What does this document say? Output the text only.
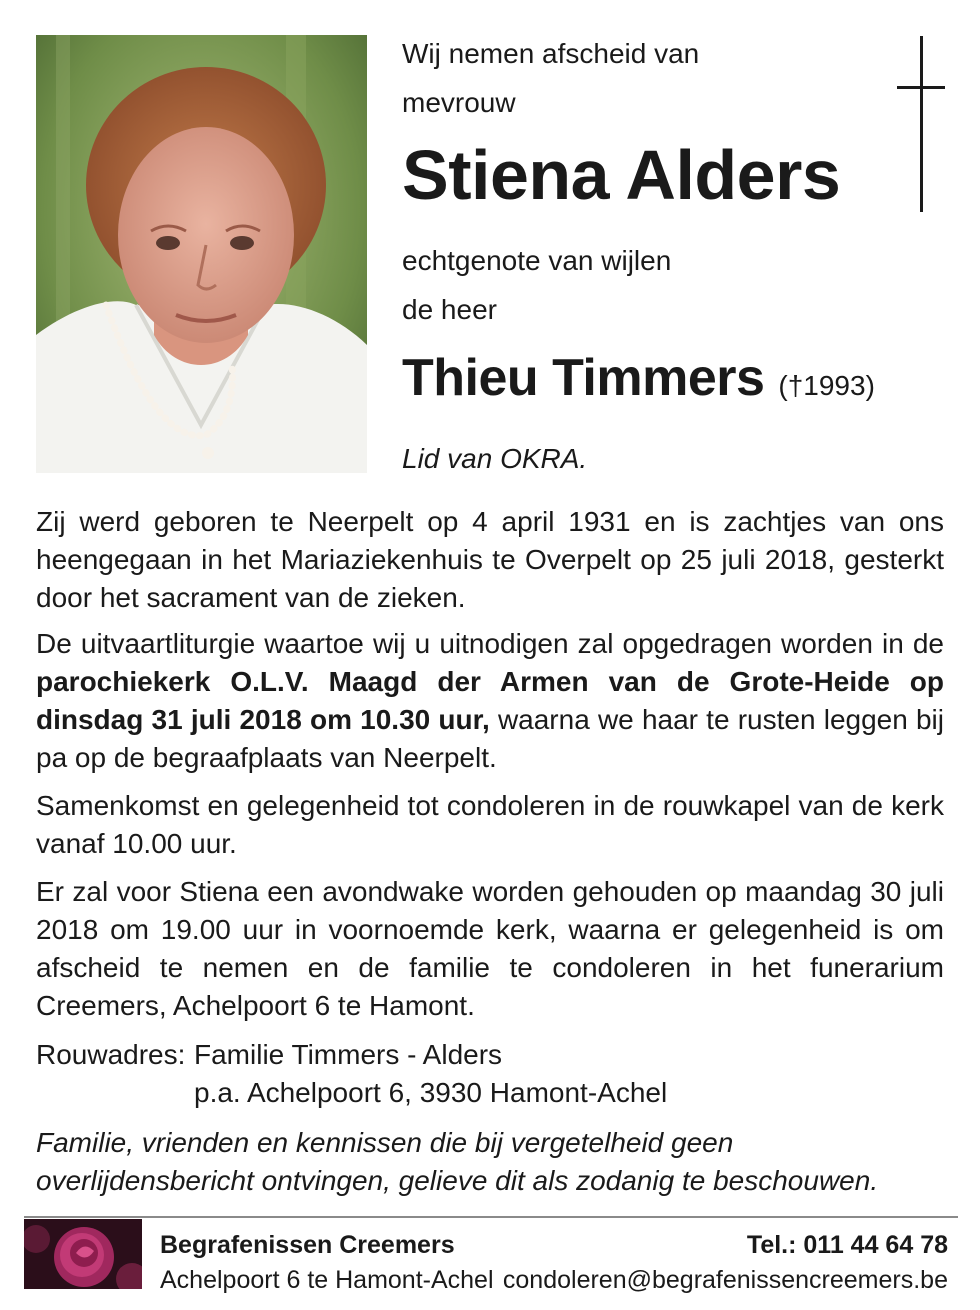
Wij nemen afscheid van
mevrouw
Stiena Alders
echtgenote van wijlen
de heer
Thieu Timmers (†1993)
Lid van OKRA.

Zij werd geboren te Neerpelt op 4 april 1931 en is zachtjes van ons heengegaan in het Mariaziekenhuis te Overpelt op 25 juli 2018, gesterkt door het sacrament van de zieken.

De uitvaartliturgie waartoe wij u uitnodigen zal opgedragen worden in de parochiekerk O.L.V. Maagd der Armen van de Grote-Heide op dinsdag 31 juli 2018 om 10.30 uur, waarna we haar te rusten leggen bij pa op de begraafplaats van Neerpelt.

Samenkomst en gelegenheid tot condoleren in de rouwkapel van de kerk vanaf 10.00 uur.

Er zal voor Stiena een avondwake worden gehouden op maandag 30 juli 2018 om 19.00 uur in voornoemde kerk, waarna er gelegenheid is om afscheid te nemen en de familie te condoleren in het funerarium Creemers, Achelpoort 6 te Hamont.

Rouwadres: Familie Timmers - Alders
p.a. Achelpoort 6, 3930 Hamont-Achel
Familie, vrienden en kennissen die bij vergetelheid geen overlijdensbericht ontvingen, gelieve dit als zodanig te beschouwen.
Begrafenissen Creemers
Achelpoort 6 te Hamont-Achel
Tel.: 011 44 64 78
condoleren@begrafenissencreemers.be
